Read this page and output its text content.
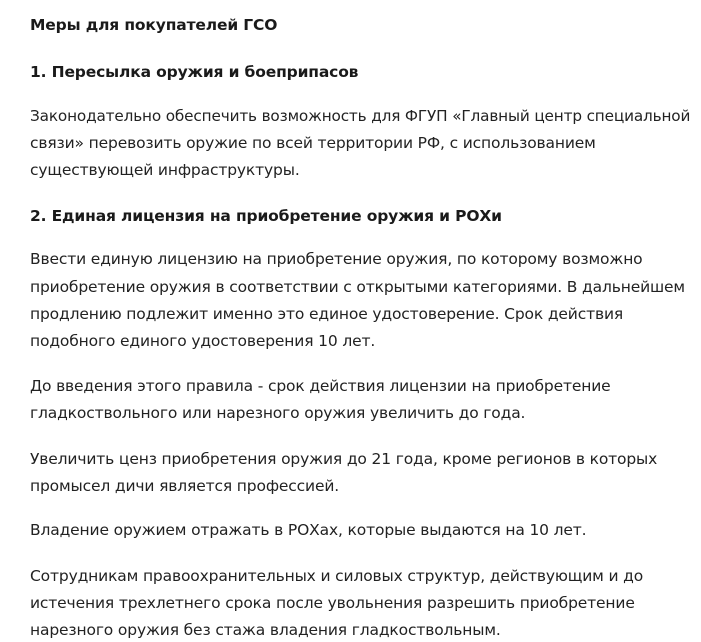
Меры для покупателей ГСО
1. Пересылка оружия и боеприпасов
Законодательно обеспечить возможность для ФГУП «Главный центр специальной
связи» перевозить оружие по всей территории РФ, с использованием
существующей инфраструктуры.
2. Единая лицензия на приобретение оружия и РОХи
Ввести единую лицензию на приобретение оружия, по которому возможно
приобретение оружия в соответствии с открытыми категориями. В дальнейшем
продлению подлежит именно это единое удостоверение. Срок действия
подобного единого удостоверения 10 лет.
До введения этого правила - срок действия лицензии на приобретение
гладкоствольного или нарезного оружия увеличить до года.
Увеличить ценз приобретения оружия до 21 года, кроме регионов в которых
промысел дичи является профессией.
Владение оружием отражать в РОХах, которые выдаются на 10 лет.
Сотрудникам правоохранительных и силовых структур, действующим и до
истечения трехлетнего срока после увольнения разрешить приобретение
нарезного оружия без стажа владения гладкоствольным.
